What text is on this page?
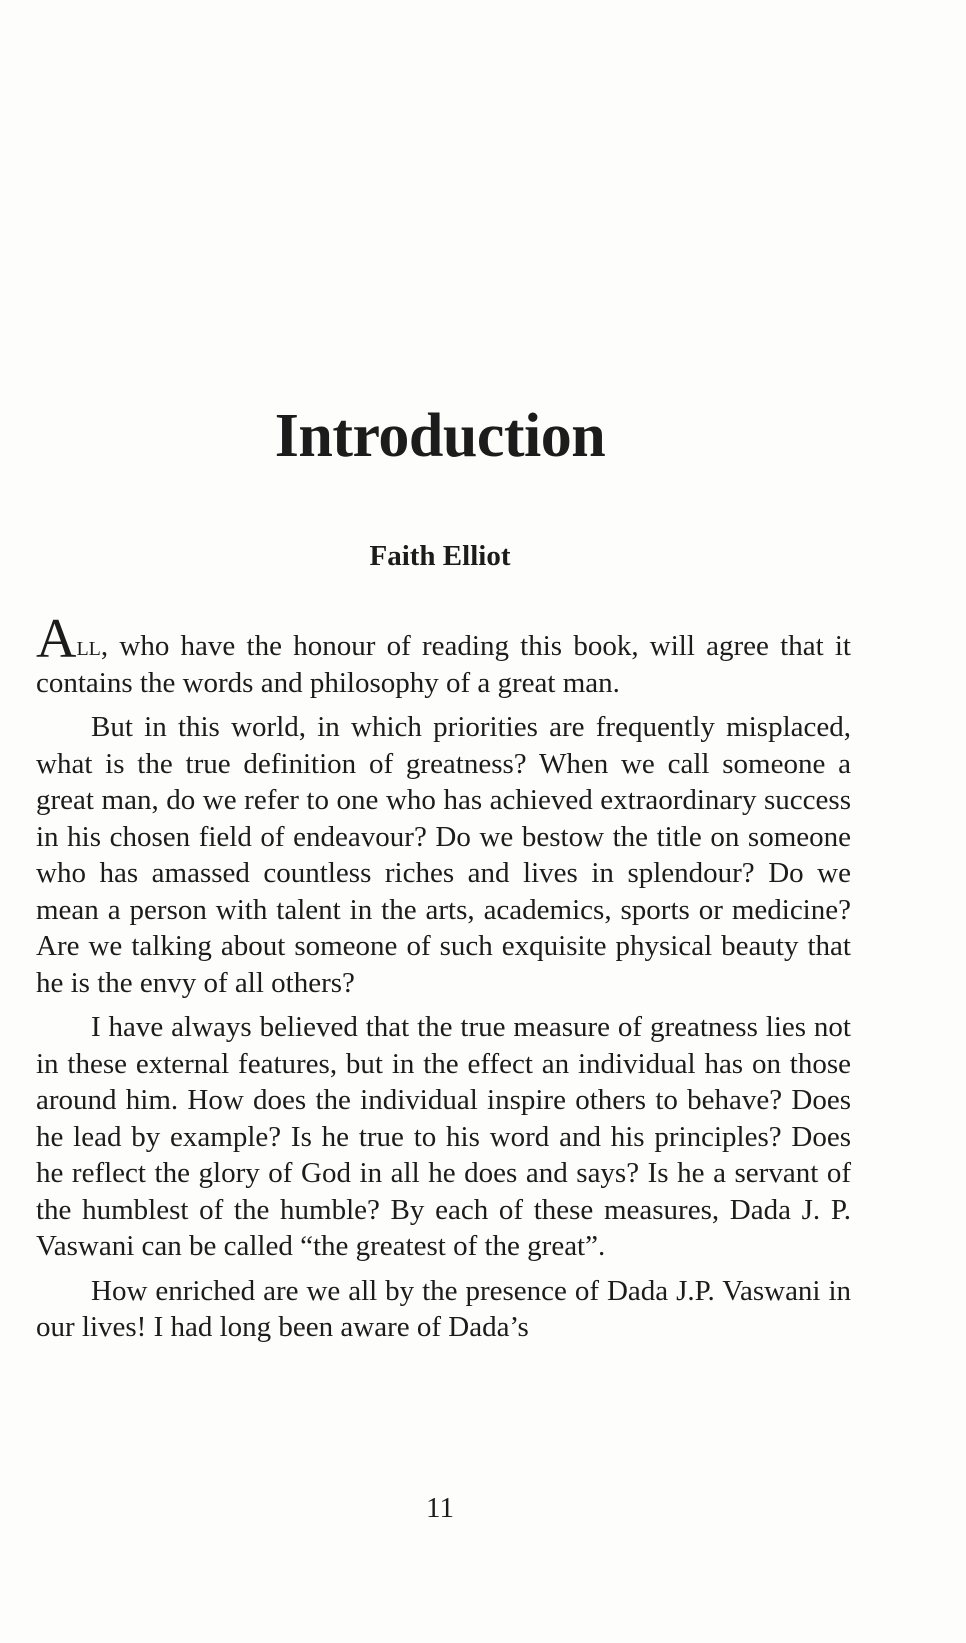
Introduction

Faith Elliot

All, who have the honour of reading this book, will agree that it contains the words and philosophy of a great man.

But in this world, in which priorities are frequently misplaced, what is the true definition of greatness? When we call someone a great man, do we refer to one who has achieved extraordinary success in his chosen field of endeavour? Do we bestow the title on someone who has amassed countless riches and lives in splendour? Do we mean a person with talent in the arts, academics, sports or medicine? Are we talking about someone of such exquisite physical beauty that he is the envy of all others?

I have always believed that the true measure of greatness lies not in these external features, but in the effect an individual has on those around him. How does the individual inspire others to behave? Does he lead by example? Is he true to his word and his principles? Does he reflect the glory of God in all he does and says? Is he a servant of the humblest of the humble? By each of these measures, Dada J. P. Vaswani can be called “the greatest of the great”.

How enriched are we all by the presence of Dada J.P. Vaswani in our lives! I had long been aware of Dada’s

11
